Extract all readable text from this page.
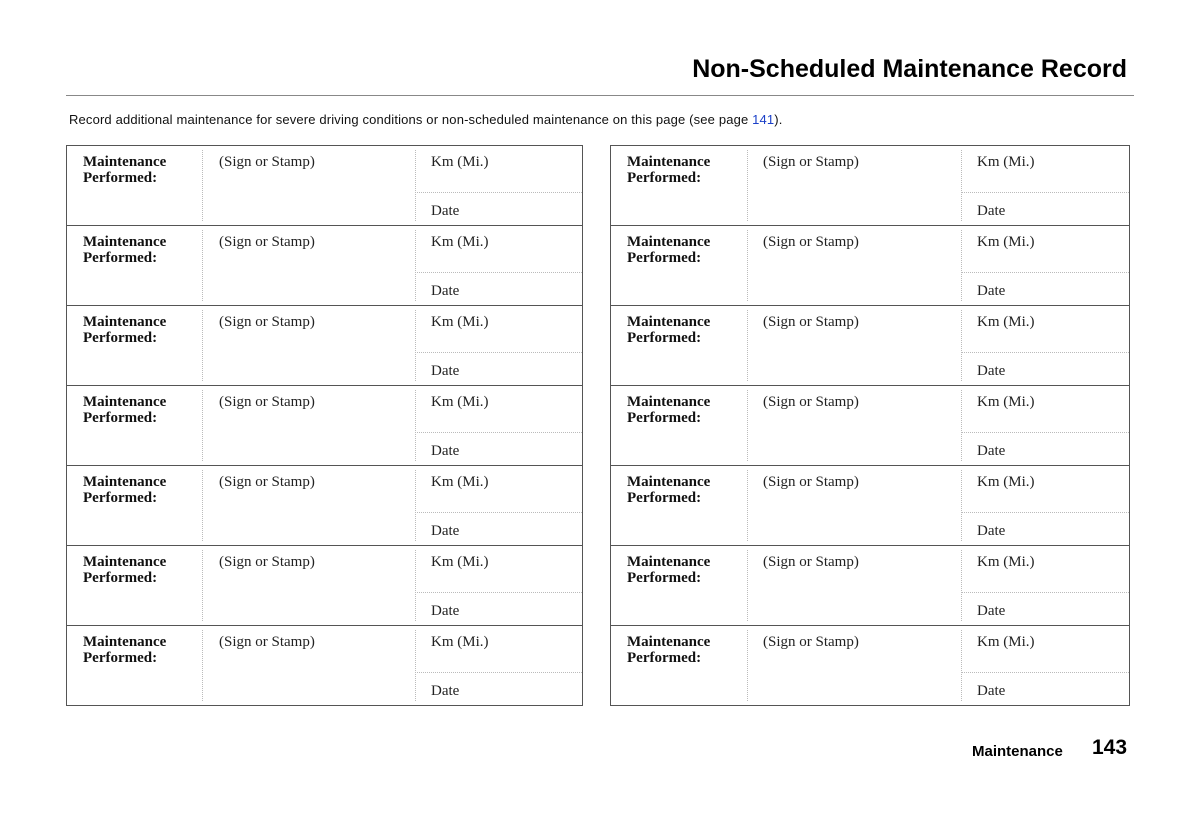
Non-Scheduled Maintenance Record
Record additional maintenance for severe driving conditions or non-scheduled maintenance on this page (see page 141).
Maintenance
Performed:
(Sign or Stamp)	Km (Mi.)
Date
Maintenance
Performed:
(Sign or Stamp)	Km (Mi.)
Date
Maintenance
Performed:
(Sign or Stamp)	Km (Mi.)
Date
Maintenance
Performed:
(Sign or Stamp)	Km (Mi.)
Date
Maintenance
Performed:
(Sign or Stamp)	Km (Mi.)
Date
Maintenance
Performed:
(Sign or Stamp)	Km (Mi.)
Date
Maintenance
Performed:
(Sign or Stamp)	Km (Mi.)
Date
Maintenance
Performed:
(Sign or Stamp)	Km (Mi.)
Date
Maintenance
Performed:
(Sign or Stamp)	Km (Mi.)
Date
Maintenance
Performed:
(Sign or Stamp)	Km (Mi.)
Date
Maintenance
Performed:
(Sign or Stamp)	Km (Mi.)
Date
Maintenance
Performed:
(Sign or Stamp)	Km (Mi.)
Date
Maintenance
Performed:
(Sign or Stamp)	Km (Mi.)
Date
Maintenance
Performed:
(Sign or Stamp)	Km (Mi.)
Date
Maintenance 143
